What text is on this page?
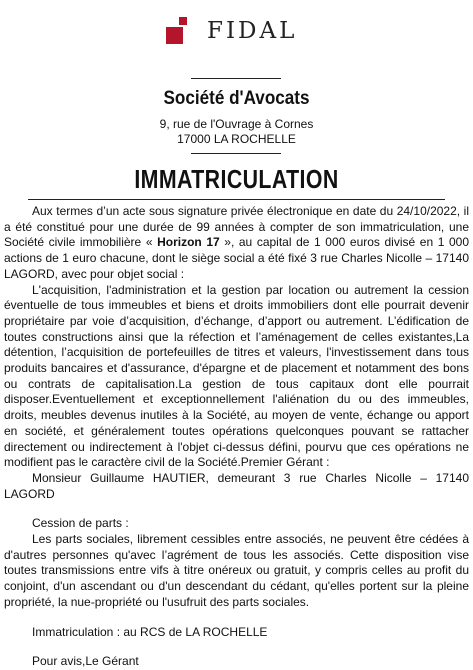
FIDAL
Société d'Avocats
9, rue de l'Ouvrage à Cornes
17000 LA ROCHELLE
IMMATRICULATION

Aux termes d’un acte sous signature privée électronique en date du 24/10/2022, il a été constitué pour une durée de 99 années à compter de son immatriculation, une Société civile immobilière « Horizon 17 », au capital de 1 000 euros divisé en 1 000 actions de 1 euro chacune, dont le siège social a été fixé 3 rue Charles Nicolle – 17140 LAGORD, avec pour objet social :

L'acquisition, l'administration et la gestion par location ou autrement la cession éventuelle de tous immeubles et biens et droits immobiliers dont elle pourrait devenir propriétaire par voie d’acquisition, d’échange, d’apport ou autrement. L’édification de toutes constructions ainsi que la réfection et l’aménagement de celles existantes,La détention, l’acquisition de portefeuilles de titres et valeurs, l'investissement dans tous produits bancaires et d'assurance, d'épargne et de placement et notamment des bons ou contrats de capitalisation.La gestion de tous capitaux dont elle pourrait disposer.Eventuellement et exceptionnellement l'aliénation du ou des immeubles, droits, meubles devenus inutiles à la Société, au moyen de vente, échange ou apport en société, et généralement toutes opérations quelconques pouvant se rattacher directement ou indirectement à l'objet ci-dessus défini, pourvu que ces opérations ne modifient pas le caractère civil de la Société.Premier Gérant :

Monsieur Guillaume HAUTIER, demeurant 3 rue Charles Nicolle – 17140 LAGORD

Cession de parts :

Les parts sociales, librement cessibles entre associés, ne peuvent être cédées à d'autres personnes qu'avec l’agrément de tous les associés. Cette disposition vise toutes transmissions entre vifs à titre onéreux ou gratuit, y compris celles au profit du conjoint, d'un ascendant ou d'un descendant du cédant, qu'elles portent sur la pleine propriété, la nue-propriété ou l'usufruit des parts sociales.

Immatriculation : au RCS de LA ROCHELLE

Pour avis,Le Gérant
